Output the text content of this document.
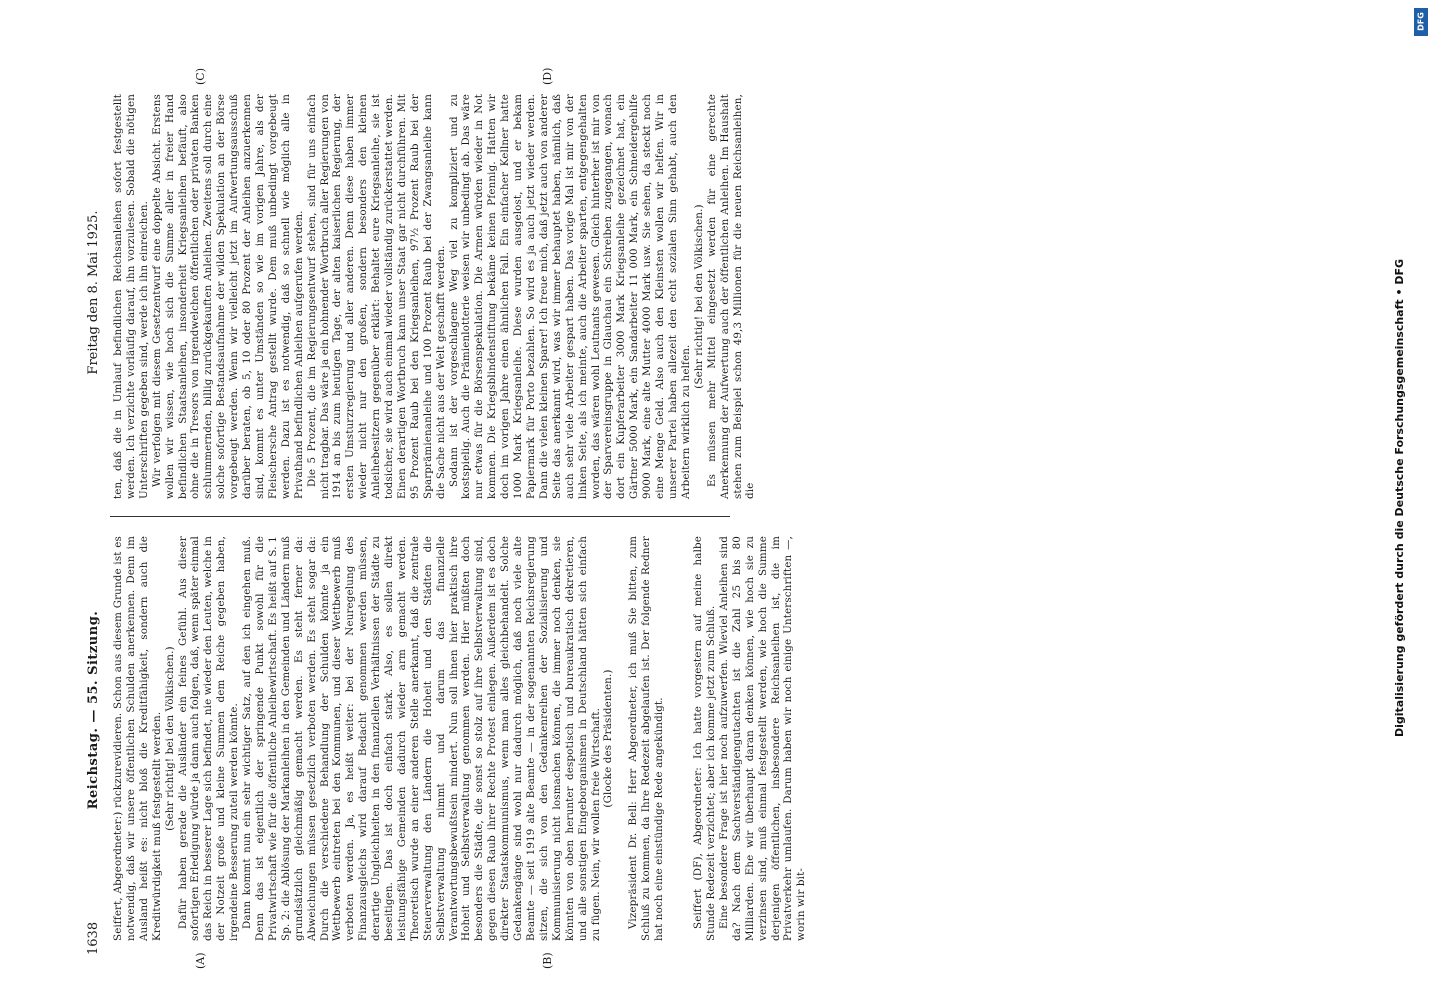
1638
Reichstag. — 55. Sitzung.
Freitag den 8. Mai 1925.
(A)	(B)
(C)	(D)

Seiffert, Abgeordneter:) rückzurevidieren. Schon aus diesem Grunde ist es notwendig, daß wir unsere öffentlichen Schulden anerkennen. Denn im Ausland heißt es: nicht bloß die Kreditfähigkeit, sondern auch die Kreditwürdigkeit muß festgestellt werden. (Sehr richtig! bei den Völkischen.) Dafür haben gerade die Ausländer ein feines Gefühl. Aus dieser sofortigen Erledigung würde ja dann auch folgen, daß, wenn später einmal das Reich in besserer Lage sich befindet, nie wieder den Leuten, welche in der Notzeit große und kleine Summen dem Reiche gegeben haben, irgendeine Besserung zuteil werden könnte. Dann kommt nun ein sehr wichtiger Satz, auf den ich eingehen muß. Denn das ist eigentlich der springende Punkt sowohl für die Privatwirtschaft wie für die öffentliche Anleihewirtschaft. Es heißt auf S. 1 Sp. 2: die Ablösung der Markanleihen in den Gemeinden und Ländern muß grundsätzlich gleichmäßig gemacht werden. Es steht ferner da: Abweichungen müssen gesetzlich verboten werden. Es steht sogar da: Durch die verschiedene Behandlung der Schulden könnte ja ein Wettbewerb eintreten bei den Kommunen, und dieser Wettbewerb muß verboten werden. Ja, es heißt weiter: bei der Neuregelung des Finanzausgleichs wird darauf Bedacht genommen werden müssen, derartige Ungleichheiten in den finanziellen Verhältnissen der Städte zu beseitigen. Das ist doch einfach stark. Also, es sollen direkt leistungsfähige Gemeinden dadurch wieder arm gemacht werden. Theoretisch wurde an einer anderen Stelle anerkannt, daß die zentrale Steuerverwaltung den Ländern die Hoheit und den Städten die Selbstverwaltung nimmt und darum das finanzielle Verantwortungsbewußtsein mindert. Nun soll ihnen hier praktisch ihre Hoheit und Selbstverwaltung genommen werden. Hier müßten doch besonders die Städte, die sonst so stolz auf ihre Selbstverwaltung sind, gegen diesen Raub ihrer Rechte Protest einlegen. Außerdem ist es doch direkter Staatskommunismus, wenn man alles gleichbehandelt. Solche Gedankengänge sind wohl nur dadurch möglich, daß noch viele alte Beamte — seit 1919 alte Beamte — in der sogenannten Reichsregierung sitzen, die sich von den Gedankenreihen der Sozialisierung und Kommunisierung nicht losmachen können, die immer noch denken, sie könnten von oben herunter despotisch und bureaukratisch dekretieren, und alle sonstigen Eingeborganismen in Deutschland hätten sich einfach zu fügen. Nein, wir wollen freie Wirtschaft. (Glocke des Präsidenten.) Vizepräsident Dr. Bell: Herr Abgeordneter, ich muß Sie bitten, zum Schluß zu kommen, da Ihre Redezeit abgelaufen ist. Der folgende Redner hat noch eine einstündige Rede angekündigt.	Seiffert (DF), Abgeordneter: Ich hatte vorgestern auf meine halbe Stunde Redezeit verzichtet; aber ich komme jetzt zum Schluß. Eine besondere Frage ist hier noch aufzuwerfen. Wieviel Anleihen sind da? Nach dem Sachverständigengutachten ist die Zahl 25 bis 80 Milliarden. Ehe wir überhaupt daran denken können, wie hoch sie zu verzinsen sind, muß einmal festgestellt werden, wie hoch die Summe derjenigen öffentlichen, insbesondere Reichsanleihen ist, die im Privatverkehr umlaufen. Darum haben wir noch einige Unterschriften —, worin wir bit-

ten, daß die in Umlauf befindlichen Reichsanleihen sofort festgestellt werden. Ich verzichte vorläufig darauf, ihn vorzulesen. Sobald die nötigen Unterschriften gegeben sind, werde ich ihn einreichen. Wir verfolgen mit diesem Gesetzentwurf eine doppelte Absicht. Erstens wollen wir wissen, wie hoch sich die Summe aller in freier Hand befindlichen Staatsanleihen, insonderheit Kriegsanleihen befäuft, also ohne die in Tresors von irgendwelchen öffentlichen oder privaten Banken schlummernden, billig zurückgekauften Anleihen. Zweitens soll durch eine solche sofortige Bestandsaufnahme der wilden Spekulation an der Börse vorgebeugt werden. Wenn wir vielleicht jetzt im Aufwertungsausschuß darüber beraten, ob 5, 10 oder 80 Prozent der Anleihen anzuerkennen sind, kommt es unter Umständen so wie im vorigen Jahre, als der Fleischersche Antrag gestellt wurde. Dem muß unbedingt vorgebeugt werden. Dazu ist es notwendig, daß so schnell wie möglich alle in Privathand befindlichen Anleihen aufgerufen werden. Die 5 Prozent, die im Regierungsentwurf stehen, sind für uns einfach nicht tragbar. Das wäre ja ein hohnender Wortbruch aller Regierungen von 1914 an bis zum heutigen Tage, der alten kaiserlichen Regierung, der ersten Umsturzregierung und aller anderen. Denn diese haben immer wieder nicht nur den großen, sondern besonders den kleinen Anleihebesitzern gegenüber erklärt: Behaltet eure Kriegsanleihe, sie ist todsicher, sie wird auch einmal wieder vollständig zurückerstattet werden. Einen derartigen Wortbruch kann unser Staat gar nicht durchführen. Mit 95 Prozent Raub bei den Kriegsanleihen, 97½ Prozent Raub bei der Sparprämienanleihe und 100 Prozent Raub bei der Zwangsanleihe kann die Sache nicht aus der Welt geschafft werden. Sodann ist der vorgeschlagene Weg viel zu kompliziert und zu kostspielig. Auch die Prämienlotterie weisen wir unbedingt ab. Das wäre nur etwas für die Börsenspekulation. Die Armen würden wieder in Not kommen. Die Kriegsblindenstiftung bekäme keinen Pfennig. Hatten wir doch im vorigen Jahre einen ähnlichen Fall. Ein einfacher Kellner hatte 1000 Mark Kriegsanleihe. Diese wurden ausgelost, und er bekam Papiermark für Porto bezahlen. So wird es ja auch jetzt wieder werden. Dann die vielen kleinen Sparer! Ich freue mich, daß jetzt auch von anderer Seite das anerkannt wird, was wir immer behauptet haben, nämlich, daß auch sehr viele Arbeiter gespart haben. Das vorige Mal ist mir von der linken Seite, als ich meinte, auch die Arbeiter sparten, entgegengehalten worden, das wären wohl Leutnants gewesen. Gleich hinterher ist mir von der Sparvereinsgruppe in Glauchau ein Schreiben zugegangen, wonach dort ein Kupferarbeiter 3000 Mark Kriegsanleihe gezeichnet hat, ein Gärtner 5000 Mark, ein Sandarbeiter 11 000 Mark, ein Schneidergehilfe 9000 Mark, eine alte Mutter 4000 Mark usw. Sie sehen, da steckt noch eine Menge Geld. Also auch den Kleinsten wollen wir helfen. Wir in unserer Partei haben allezeit den echt sozialen Sinn gehabt, auch den Arbeitern wirklich zu helfen.

(Sehr richtig! bei den Völkischen.) Es müssen mehr Mittel eingesetzt werden für eine gerechte Anerkennung der Aufwertung auch der öffentlichen Anleihen. Im Haushalt stehen zum Beispiel schon 49,3 Millionen für die neuen Reichsanleihen, die	Digitalisierung gefördert durch die Deutsche Forschungsgemeinschaft • DFG
DFG
